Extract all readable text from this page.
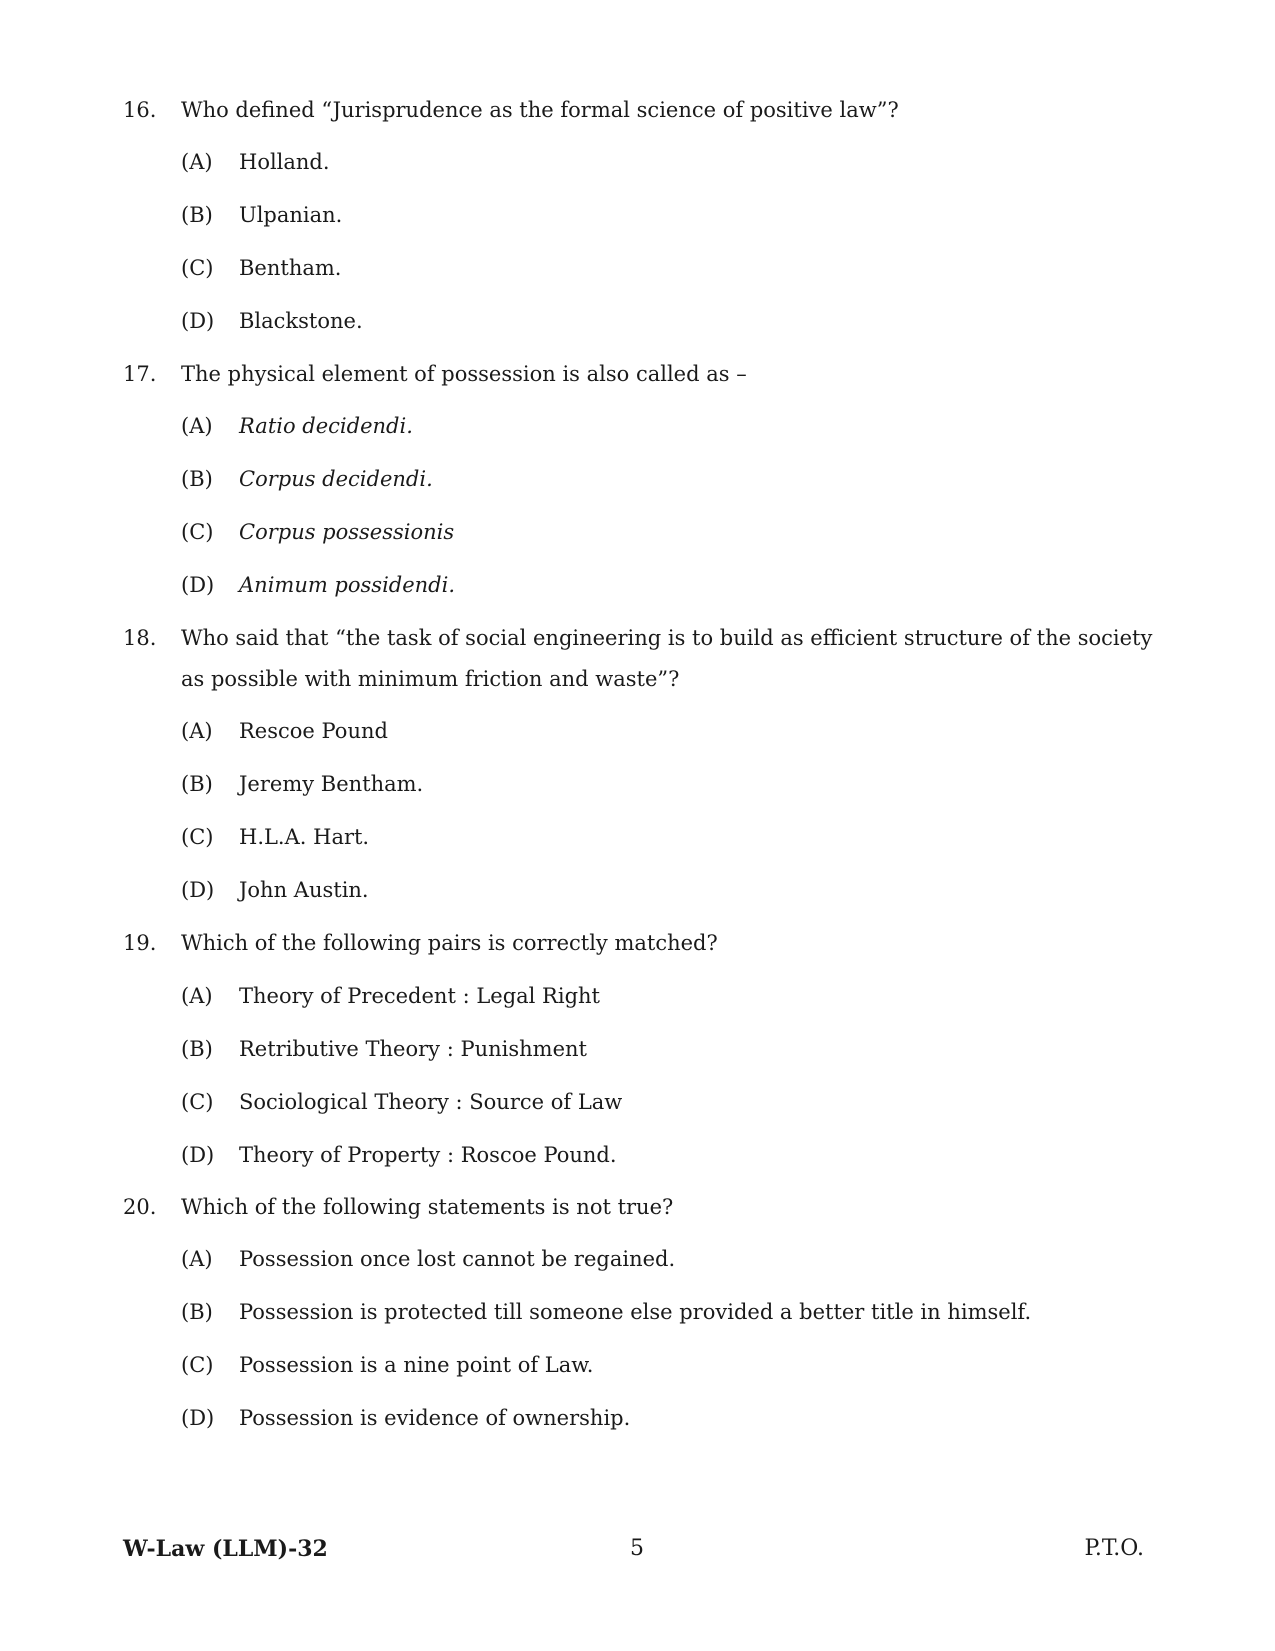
16. Who defined “Jurisprudence as the formal science of positive law”?
(A) Holland.
(B) Ulpanian.
(C) Bentham.
(D) Blackstone.
17. The physical element of possession is also called as –
(A) Ratio decidendi.
(B) Corpus decidendi.
(C) Corpus possessionis
(D) Animum possidendi.
18. Who said that “the task of social engineering is to build as efficient structure of the society
as possible with minimum friction and waste”?
(A) Rescoe Pound
(B) Jeremy Bentham.
(C) H.L.A. Hart.
(D) John Austin.
19. Which of the following pairs is correctly matched?
(A) Theory of Precedent : Legal Right
(B) Retributive Theory : Punishment
(C) Sociological Theory : Source of Law
(D) Theory of Property : Roscoe Pound.
20. Which of the following statements is not true?
(A) Possession once lost cannot be regained.
(B) Possession is protected till someone else provided a better title in himself.
(C) Possession is a nine point of Law.
(D) Possession is evidence of ownership.
W-Law (LLM)-32	5	P.T.O.
